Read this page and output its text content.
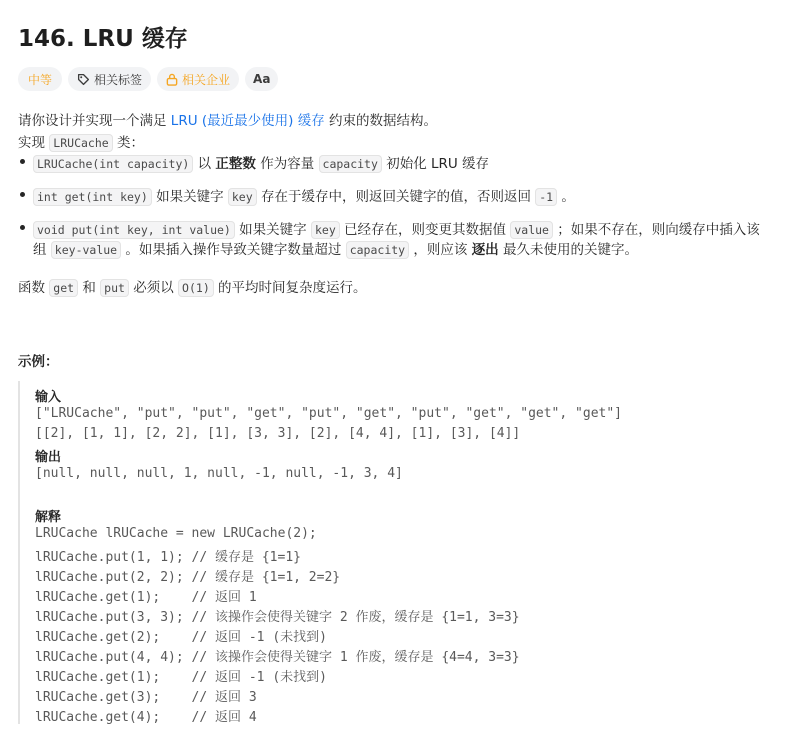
146. LRU 缓存
中等	相关标签	相关企业 Aa
请你设计并实现一个满足 LRU (最近最少使用) 缓存 约束的数据结构。
实现 LRUCache 类：
LRUCache(int capacity) 以 正整数 作为容量 capacity 初始化 LRU 缓存
int get(int key) 如果关键字 key 存在于缓存中，则返回关键字的值，否则返回 -1 。
void put(int key, int value) 如果关键字 key 已经存在，则变更其数据值 value ；如果不存在，则向缓存中插入该
组 key-value 。如果插入操作导致关键字数量超过 capacity ，则应该 逐出 最久未使用的关键字。
函数 get 和 put 必须以 O(1) 的平均时间复杂度运行。
示例：
输入
["LRUCache", "put", "put", "get", "put", "get", "put", "get", "get", "get"]
[[2], [1, 1], [2, 2], [1], [3, 3], [2], [4, 4], [1], [3], [4]]
输出
[null, null, null, 1, null, -1, null, -1, 3, 4]
解释
LRUCache lRUCache = new LRUCache(2);
lRUCache.put(1, 1); // 缓存是 {1=1}
lRUCache.put(2, 2); // 缓存是 {1=1, 2=2}
lRUCache.get(1);    // 返回 1
lRUCache.put(3, 3); // 该操作会使得关键字 2 作废，缓存是 {1=1, 3=3}
lRUCache.get(2);    // 返回 -1 (未找到)
lRUCache.put(4, 4); // 该操作会使得关键字 1 作废，缓存是 {4=4, 3=3}
lRUCache.get(1);    // 返回 -1 (未找到)
lRUCache.get(3);    // 返回 3
lRUCache.get(4);    // 返回 4
